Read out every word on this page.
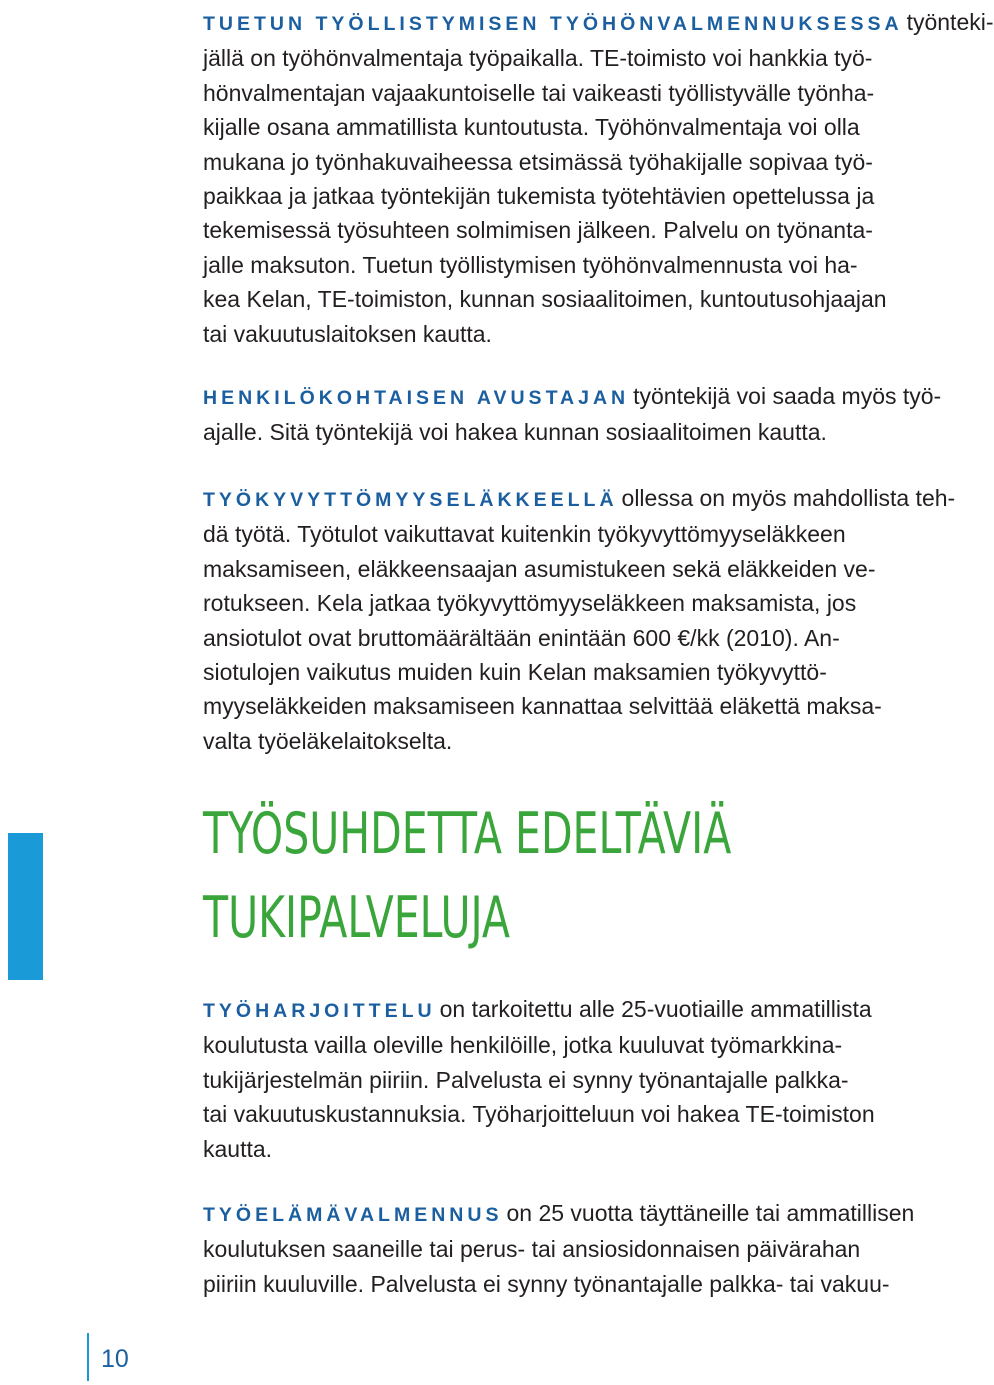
TUETUN TYÖLLISTYMISEN TYÖHÖNVALMENNUKSESSA työnteki-
jällä on työhönvalmentaja työpaikalla. TE-toimisto voi hankkia työ-
hönvalmentajan vajaakuntoiselle tai vaikeasti työllistyvälle työnha-
kijalle osana ammatillista kuntoutusta. Työhönvalmentaja voi olla
mukana jo työnhakuvaiheessa etsimässä työhakijalle sopivaa työ-
paikkaa ja jatkaa työntekijän tukemista työtehtävien opettelussa ja
tekemisessä työsuhteen solmimisen jälkeen. Palvelu on työnanta-
jalle maksuton. Tuetun työllistymisen työhönvalmennusta voi ha-
kea Kelan, TE-toimiston, kunnan sosiaalitoimen, kuntoutusohjaajan
tai vakuutuslaitoksen kautta.

HENKILÖKOHTAISEN AVUSTAJAN työntekijä voi saada myös työ-
ajalle. Sitä työntekijä voi hakea kunnan sosiaalitoimen kautta.

TYÖKYVYTTÖMYYSELÄKKEELLÄ ollessa on myös mahdollista teh-
dä työtä. Työtulot vaikuttavat kuitenkin työkyvyttömyyseläkkeen
maksamiseen, eläkkeensaajan asumistukeen sekä eläkkeiden ve-
rotukseen. Kela jatkaa työkyvyttömyyseläkkeen maksamista, jos
ansiotulot ovat bruttomäärältään enintään 600 €/kk (2010). An-
siotulojen vaikutus muiden kuin Kelan maksamien työkyvyttö-
myyseläkkeiden maksamiseen kannattaa selvittää eläkettä maksa-
valta työeläkelaitokselta.

TYÖSUHDETTA EDELTÄVIÄ
TUKIPALVELUJA

TYÖHARJOITTELU on tarkoitettu alle 25-vuotiaille ammatillista
koulutusta vailla oleville henkilöille, jotka kuuluvat työmarkkina-
tukijärjestelmän piiriin. Palvelusta ei synny työnantajalle palkka-
tai vakuutuskustannuksia. Työharjoitteluun voi hakea TE-toimiston
kautta.

TYÖELÄMÄVALMENNUS on 25 vuotta täyttäneille tai ammatillisen
koulutuksen saaneille tai perus- tai ansiosidonnaisen päivärahan
piiriin kuuluville. Palvelusta ei synny työnantajalle palkka- tai vakuu-

10
